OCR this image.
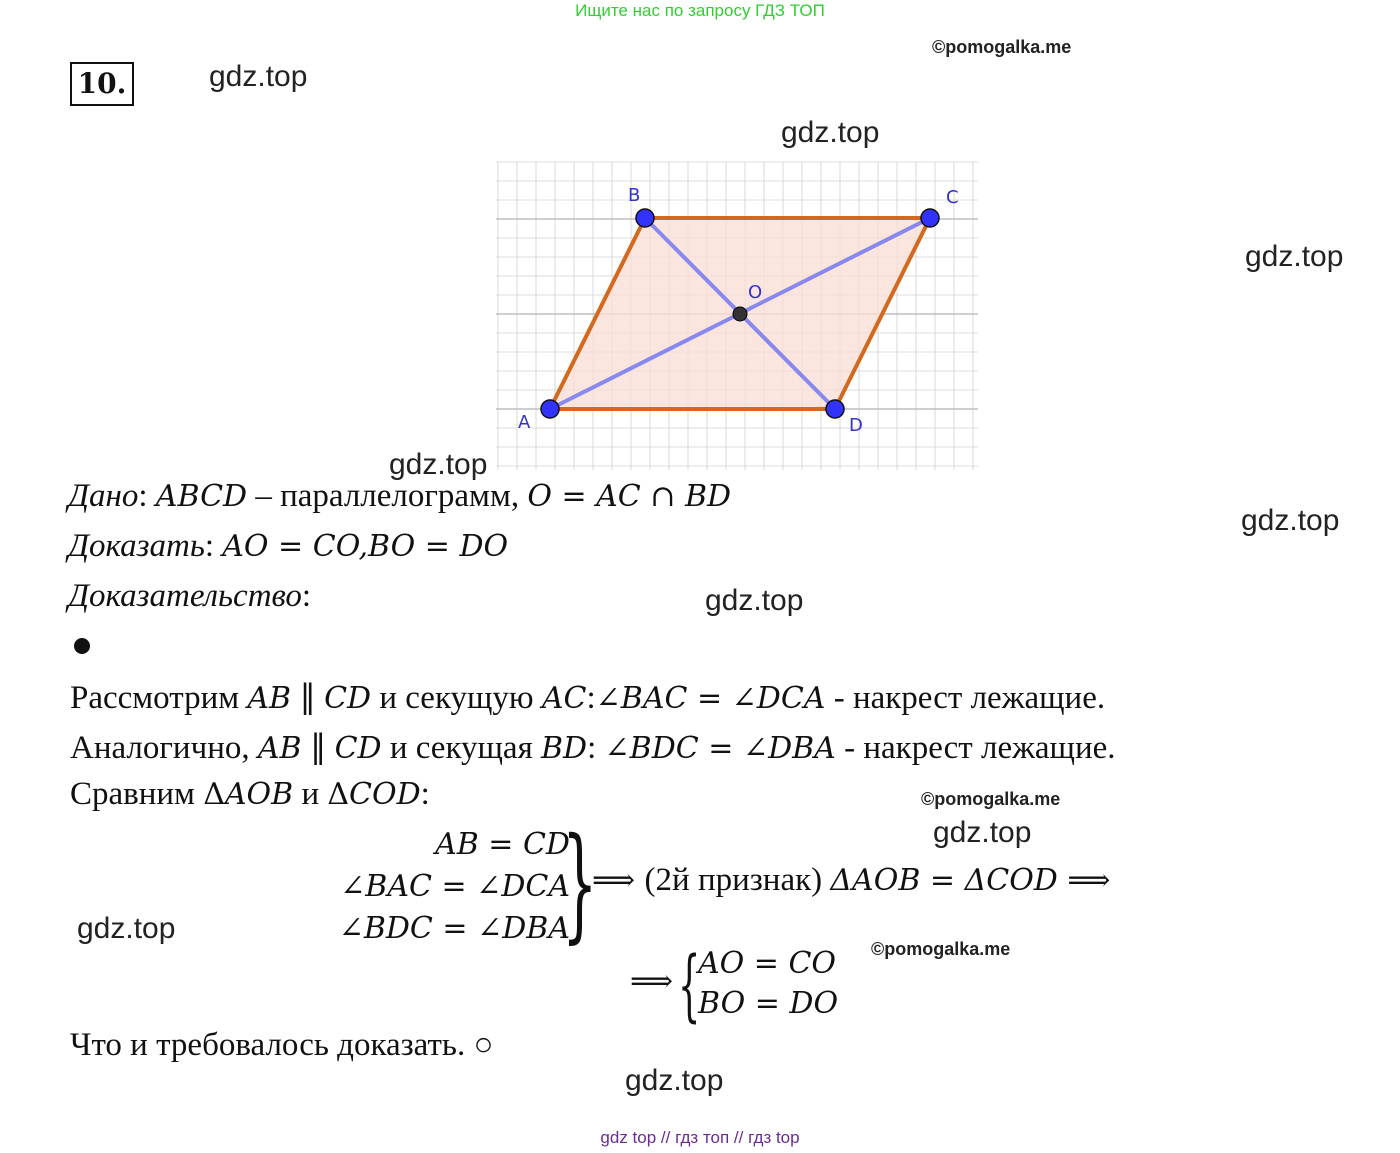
Ищите нас по запросу ГДЗ ТОП
10.	gdz.top
gdz.top
gdz.top
gdz.top
gdz.top
gdz.top
gdz.top
gdz.top
gdz.top
©pomogalka.me
©pomogalka.me
©pomogalka.me
A
B	C
D
O
Дано: ABCD – параллелограмм, O = AC ∩ BD
Доказать: AO = CO,BO = DO
Доказательство:
Рассмотрим AB ∥ CD и секущую AC:∠BAC = ∠DCA - накрест лежащие.
Аналогично, AB ∥ CD и секущая BD: ∠BDC = ∠DBA - накрест лежащие.
Сравним ΔAOB и ΔCOD:
AB = CD
∠BAC = ∠DCA
∠BDC = ∠DBA
}
⟹ (2й признак) ΔAOB = ΔCOD ⟹
⟹ {
AO = CO
BO = DO
Что и требовалось доказать. ○
gdz top // гдз топ // гдз top
